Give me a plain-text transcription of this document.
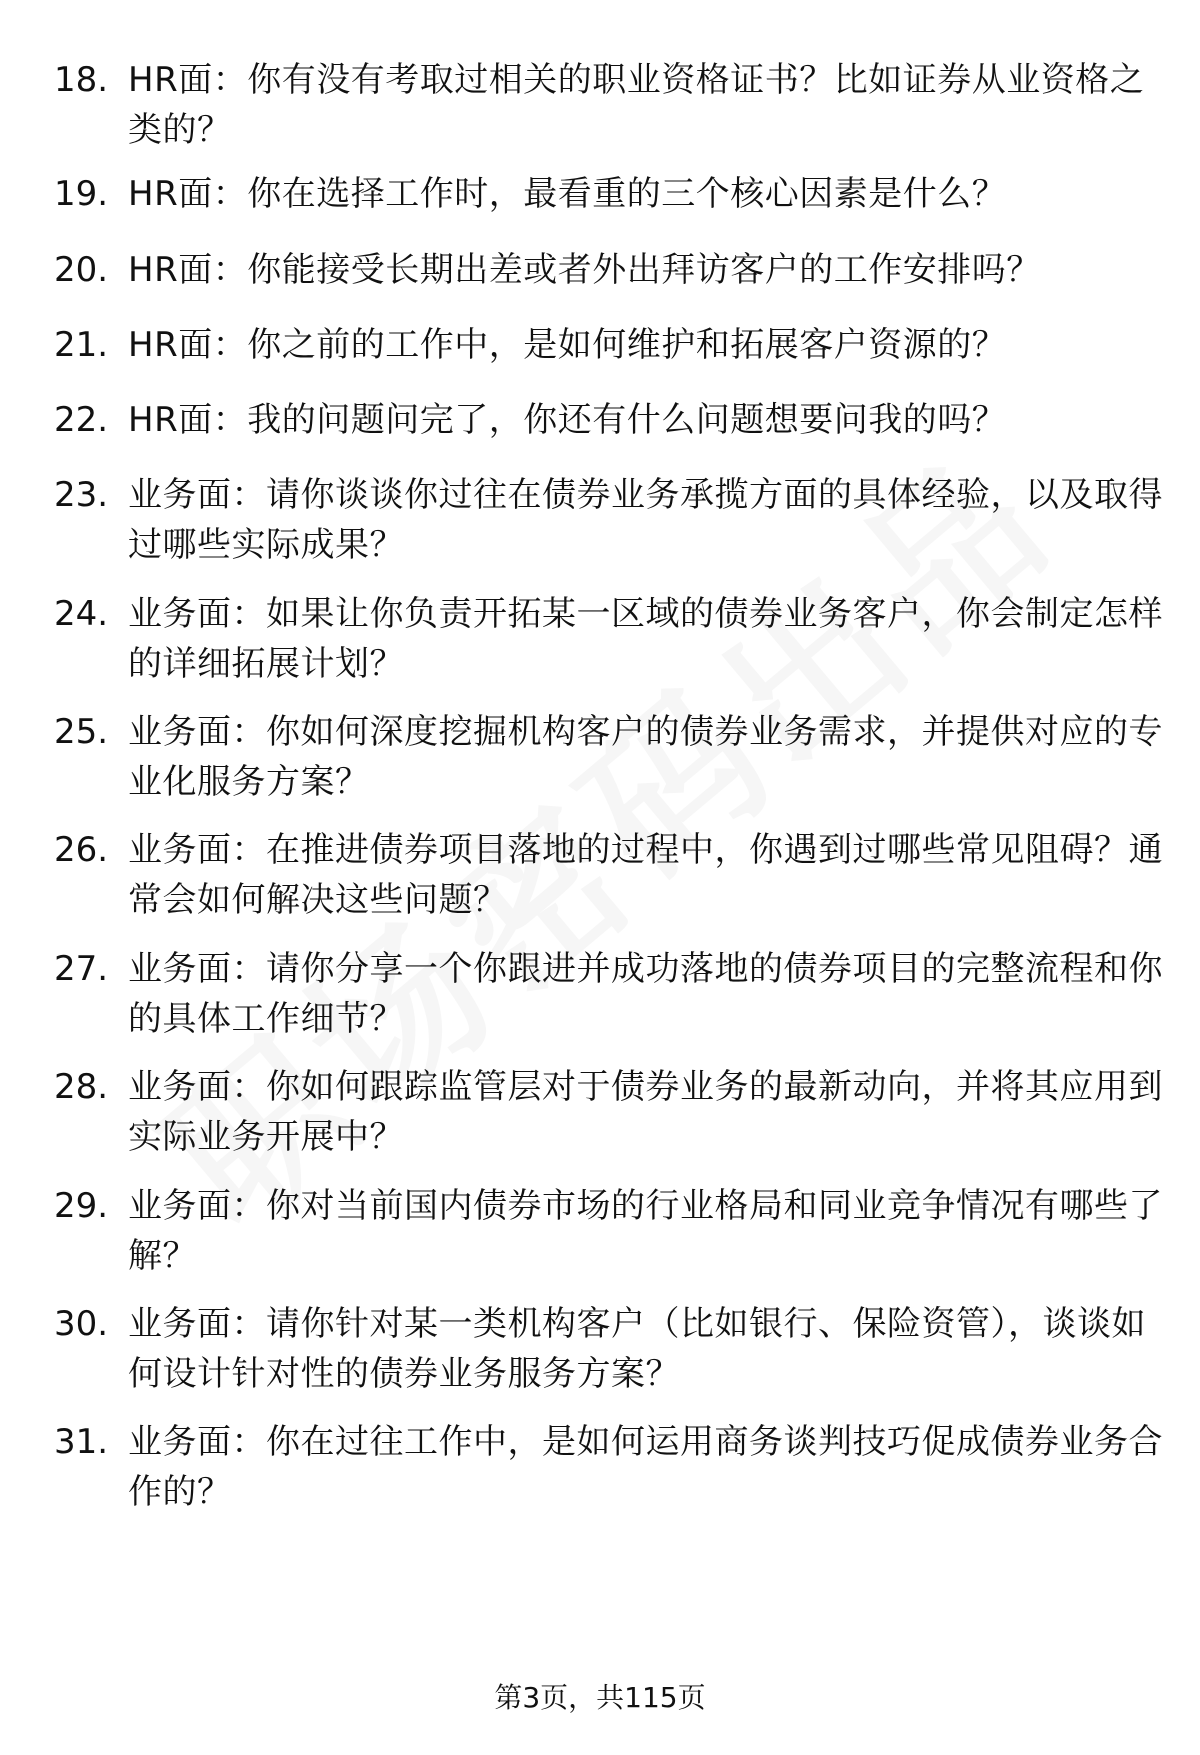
18. HR面：你有没有考取过相关的职业资格证书？比如证券从业资格之类的？
19. HR面：你在选择工作时，最看重的三个核心因素是什么？
20. HR面：你能接受长期出差或者外出拜访客户的工作安排吗？
21. HR面：你之前的工作中，是如何维护和拓展客户资源的？
22. HR面：我的问题问完了，你还有什么问题想要问我的吗？
23. 业务面：请你谈谈你过往在债券业务承揽方面的具体经验，以及取得过哪些实际成果？
24. 业务面：如果让你负责开拓某一区域的债券业务客户，你会制定怎样的详细拓展计划？
25. 业务面：你如何深度挖掘机构客户的债券业务需求，并提供对应的专业化服务方案？
26. 业务面：在推进债券项目落地的过程中，你遇到过哪些常见阻碍？通常会如何解决这些问题？
27. 业务面：请你分享一个你跟进并成功落地的债券项目的完整流程和你的具体工作细节？
28. 业务面：你如何跟踪监管层对于债券业务的最新动向，并将其应用到实际业务开展中？
29. 业务面：你对当前国内债券市场的行业格局和同业竞争情况有哪些了解？
30. 业务面：请你针对某一类机构客户（比如银行、保险资管），谈谈如何设计针对性的债券业务服务方案？
31. 业务面：你在过往工作中，是如何运用商务谈判技巧促成债券业务合作的？
第3页，共115页
